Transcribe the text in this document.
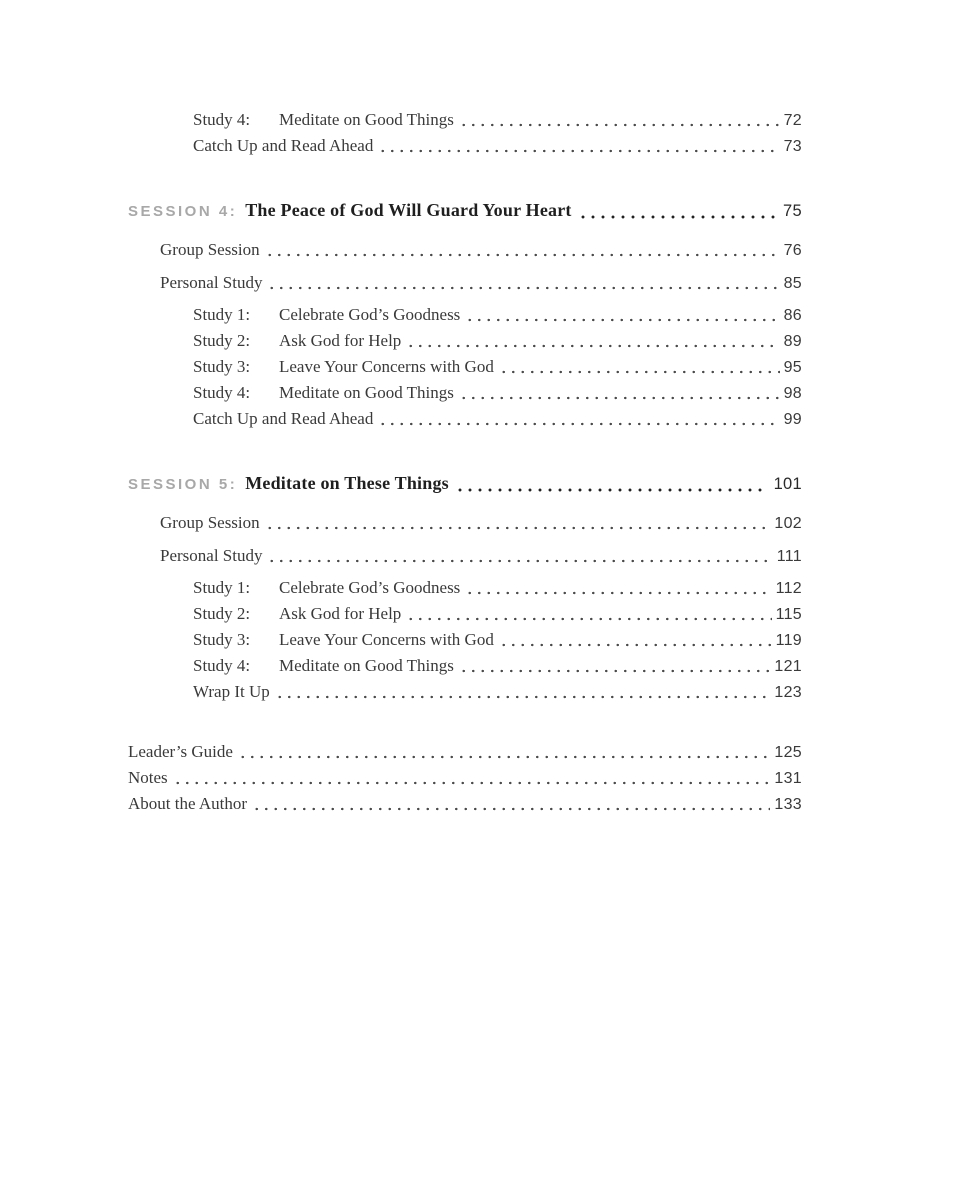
Study 4:	Meditate on Good Things	72
Catch Up and Read Ahead	73
SESSION 4: The Peace of God Will Guard Your Heart	75
Group Session	76
Personal Study	85
Study 1:	Celebrate God’s Goodness	86
Study 2:	Ask God for Help	89
Study 3:	Leave Your Concerns with God	95
Study 4:	Meditate on Good Things	98
Catch Up and Read Ahead	99
SESSION 5: Meditate on These Things	101
Group Session	102
Personal Study	111
Study 1:	Celebrate God’s Goodness	112
Study 2:	Ask God for Help	115
Study 3:	Leave Your Concerns with God	119
Study 4:	Meditate on Good Things	121
Wrap It Up	123
Leader’s Guide	125
Notes	131
About the Author	133
